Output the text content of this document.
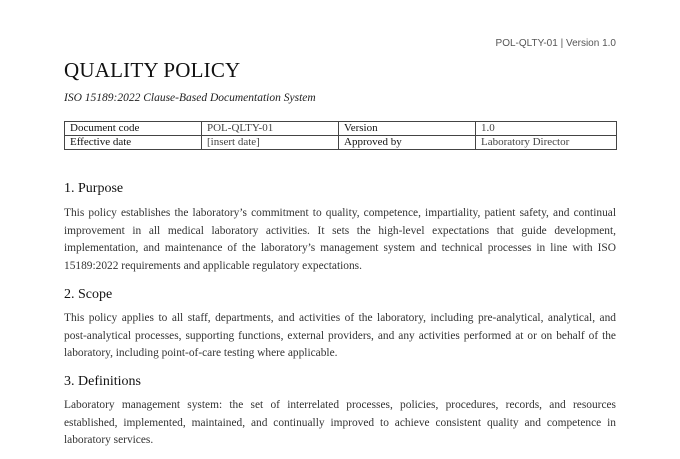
POL-QLTY-01 | Version 1.0
QUALITY POLICY
ISO 15189:2022 Clause-Based Documentation System
Document code	POL-QLTY-01	Version	1.0
Effective date	[insert date]	Approved by	Laboratory Director
1. Purpose

This policy establishes the laboratory’s commitment to quality, competence, impartiality, patient safety, and continual improvement in all medical laboratory activities. It sets the high-level expectations that guide development, implementation, and maintenance of the laboratory’s management system and technical processes in line with ISO 15189:2022 requirements and applicable regulatory expectations.

2. Scope

This policy applies to all staff, departments, and activities of the laboratory, including pre-analytical, analytical, and post-analytical processes, supporting functions, external providers, and any activities performed at or on behalf of the laboratory, including point-of-care testing where applicable.

3. Definitions

Laboratory management system: the set of interrelated processes, policies, procedures, records, and resources established, implemented, maintained, and continually improved to achieve consistent quality and competence in laboratory services.
